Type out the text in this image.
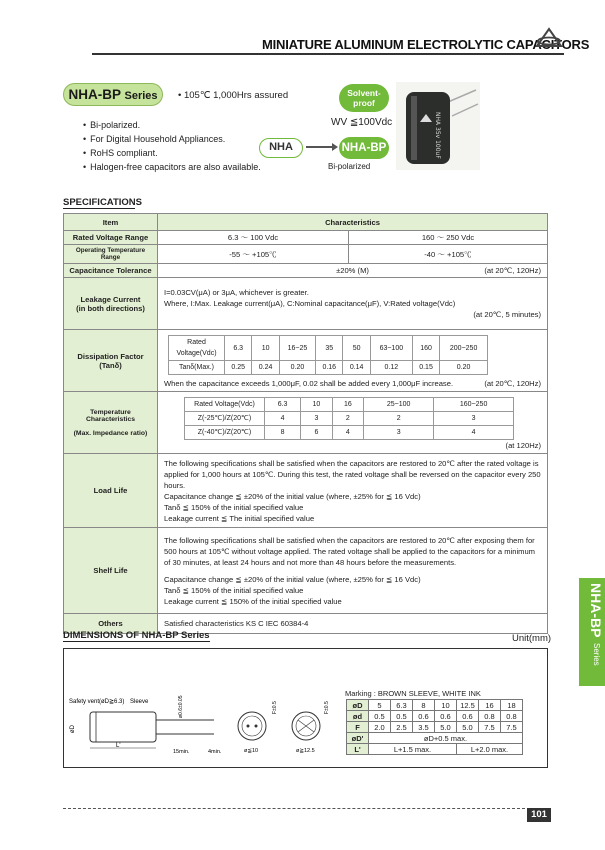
MINIATURE ALUMINUM ELECTROLYTIC CAPACITORS
NHA-BP Series	• 105℃ 1,000Hrs assured
• Bi-polarized.
• For Digital Household Appliances.
• RoHS compliant.
• Halogen-free capacitors are also available.
Solvent-
proof
WV ≦100Vdc
NHA	NHA-BP
Bi-polarized
NHA 35v 100uF
SPECIFICATIONS
Item	Characteristics
Rated Voltage Range	6.3 〜 100 Vdc	160 〜 250 Vdc
Operating Temperature Range	-55 〜 +105℃	-40 〜 +105℃
Capacitance Tolerance	±20% (M)	(at 20℃, 120Hz)

Leakage Current
(in both directions)	
I=0.03CV(μA) or 3μA, whichever is greater.
Where, I:Max. Leakage current(μA), C:Nominal capacitance(μF), V:Rated voltage(Vdc)
(at 20℃, 5 minutes)

Dissipation Factor (Tanδ)	
Rated Voltage(Vdc)	6.3	10	16~25	35	50	63~100	160	200~250
Tanδ(Max.)	0.25	0.24	0.20	0.16	0.14	0.12	0.15	0.20
When the capacitance exceeds 1,000μF, 0.02 shall be added every 1,000μF increase.	(at 20℃, 120Hz)

Temperature Characteristics

(Max. Impedance ratio)	
Rated Voltage(Vdc)	6.3	10	16	25~100	160~250
Z(-25℃)/Z(20℃)	4	3	2	2	3
Z(-40℃)/Z(20℃)	8	6	4	3	4
(at 120Hz)

Load Life	
The following specifications shall be satisfied when the capacitors are restored to 20℃ after the rated voltage is applied for 1,000 hours at 105℃. During this test, the rated voltage shall be reversed on the capacitor every 250 hours.
Capacitance change ≦ ±20% of the initial value (where, ±25% for ≦ 16 Vdc)
Tanδ ≦ 150% of the initial specified value
Leakage current ≦ The initial specified value

Shelf Life	
The following specifications shall be satisfied when the capacitors are restored to 20℃ after exposing them for 500 hours at 105℃ without voltage applied. The rated voltage shall be applied to the capacitors for a minimum of 30 minutes, at least 24 hours and not more than 48 hours before the measurements.
Capacitance change ≦ ±20% of the initial value (where, ±25% for ≦ 16 Vdc)
Tanδ ≦ 150% of the initial specified value
Leakage current ≦ 150% of the initial specified value

Others	Satisfied characteristics KS C IEC 60384-4
DIMENSIONS OF NHA-BP Series	Unit(mm)
Safety vent(øD≧6.3) Sleeve	ø0.6±0.05
øD
L'
15min.	4min.
F±0.5
ø≦10
F±0.5
ø≧12.5
Marking : BROWN SLEEVE, WHITE INK
øD	5	6.3	8	10	12.5	16	18
ød	0.5	0.5	0.6	0.6	0.6	0.8	0.8
F	2.0	2.5	3.5	5.0	5.0	7.5	7.5
øD'	øD+0.5 max.						
L'	L+1.5 max.				L+2.0 max.		
NHA-BPSeries
101
